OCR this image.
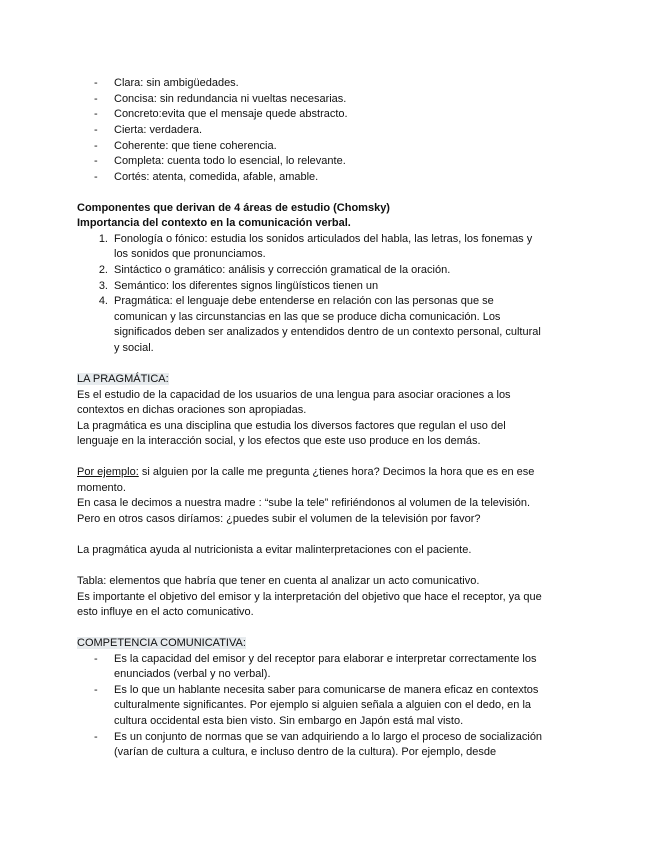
- Clara: sin ambigüedades.
- Concisa: sin redundancia ni vueltas necesarias.
- Concreto:evita que el mensaje quede abstracto.
- Cierta: verdadera.
- Coherente: que tiene coherencia.
- Completa: cuenta todo lo esencial, lo relevante.
- Cortés: atenta, comedida, afable, amable.
Componentes que derivan de 4 áreas de estudio (Chomsky)
Importancia del contexto en la comunicación verbal.
1. Fonología o fónico: estudia los sonidos articulados del habla, las letras, los fonemas y
los sonidos que pronunciamos.
2. Sintáctico o gramático: análisis y corrección gramatical de la oración.
3. Semántico: los diferentes signos lingüísticos tienen un
4. Pragmática: el lenguaje debe entenderse en relación con las personas que se
comunican y las circunstancias en las que se produce dicha comunicación. Los
significados deben ser analizados y entendidos dentro de un contexto personal, cultural
y social.
LA PRAGMÁTICA:
Es el estudio de la capacidad de los usuarios de una lengua para asociar oraciones a los
contextos en dichas oraciones son apropiadas.
La pragmática es una disciplina que estudia los diversos factores que regulan el uso del
lenguaje en la interacción social, y los efectos que este uso produce en los demás.
Por ejemplo: si alguien por la calle me pregunta ¿tienes hora? Decimos la hora que es en ese
momento.
En casa le decimos a nuestra madre : “sube la tele” refiriéndonos al volumen de la televisión.
Pero en otros casos diríamos: ¿puedes subir el volumen de la televisión por favor?
La pragmática ayuda al nutricionista a evitar malinterpretaciones con el paciente.
Tabla: elementos que habría que tener en cuenta al analizar un acto comunicativo.
Es importante el objetivo del emisor y la interpretación del objetivo que hace el receptor, ya que
esto influye en el acto comunicativo.
COMPETENCIA COMUNICATIVA:
- Es la capacidad del emisor y del receptor para elaborar e interpretar correctamente los
enunciados (verbal y no verbal).
- Es lo que un hablante necesita saber para comunicarse de manera eficaz en contextos
culturalmente significantes. Por ejemplo si alguien señala a alguien con el dedo, en la
cultura occidental esta bien visto. Sin embargo en Japón está mal visto.
- Es un conjunto de normas que se van adquiriendo a lo largo el proceso de socialización
(varían de cultura a cultura, e incluso dentro de la cultura). Por ejemplo, desde
